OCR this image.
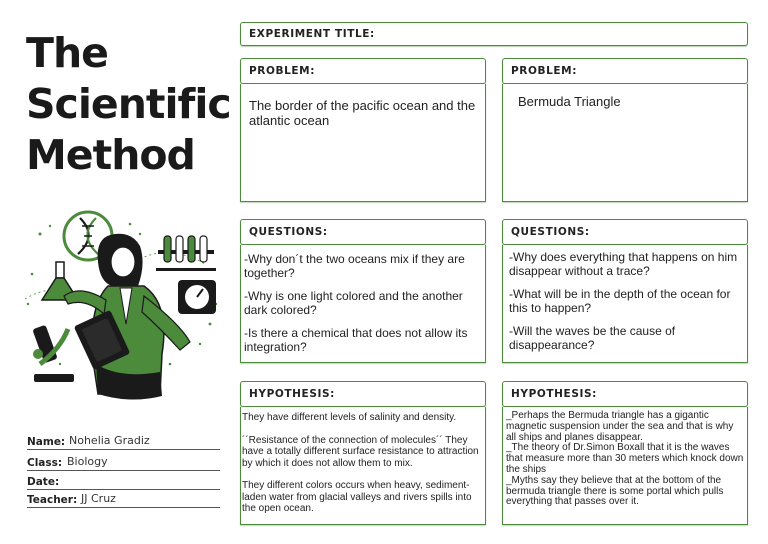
The
Scientific
Method
Name: Nohelia Gradiz
Class: Biology
Date:
Teacher: JJ Cruz
EXPERIMENT TITLE:
PROBLEM:
The border of the pacific ocean and the atlantic ocean
QUESTIONS:

-Why don´t the two oceans mix if they are together?

-Why is one light colored and the another dark colored?

-Is there a chemical that does not allow its integration?

HYPOTHESIS:

They have different levels of salinity and density.

´´Resistance of the connection of molecules´´ They have a totally different surface resistance to attraction by which it does not allow them to mix.

They different colors occurs when heavy, sediment-laden water from glacial valleys and rivers spills into the open ocean.

PROBLEM:
Bermuda Triangle
QUESTIONS:

-Why does everything that happens on him disappear without a trace?

-What will be in the depth of the ocean for this to happen?

-Will the waves be the cause of disappearance?

HYPOTHESIS:

_Perhaps the Bermuda triangle has a gigantic magnetic suspension under the sea and that is why all ships and planes disappear.

_The theory of Dr.Simon Boxall that it is the waves that measure more than 30 meters which knock down the ships

_Myths say they believe that at the bottom of the bermuda triangle there is some portal which pulls everything that passes over it.
